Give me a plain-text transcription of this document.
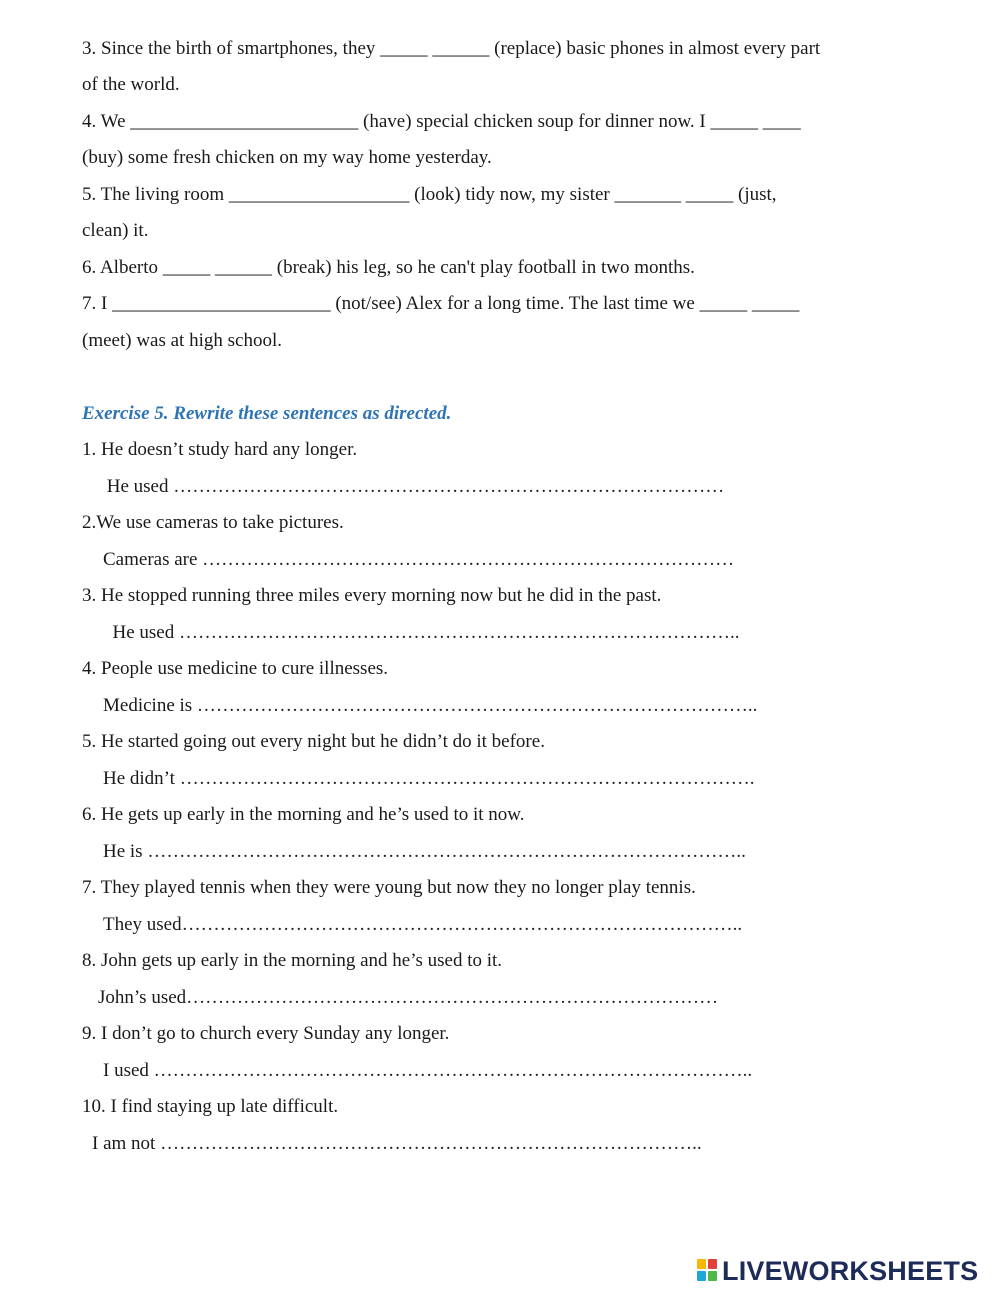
3. Since the birth of smartphones, they _____ ______ (replace) basic phones in almost every part
of the world.
4. We ________________________ (have) special chicken soup for dinner now. I _____ ____
(buy) some fresh chicken on my way home yesterday.
5. The living room ___________________ (look) tidy now, my sister _______ _____ (just,
clean) it.
6. Alberto _____ ______ (break) his leg, so he can't play football in two months.
7. I _______________________ (not/see) Alex for a long time. The last time we _____ _____
(meet) was at high school.
Exercise 5. Rewrite these sentences as directed.
1. He doesn’t study hard any longer.
He used ……………………………………………………………………………
2.We use cameras to take pictures.
Cameras are …………………………………………………………………………
3. He stopped running three miles every morning now but he did in the past.
He used ……………………………………………………………………………..
4. People use medicine to cure illnesses.
Medicine is ……………………………………………………………………………..
5. He started going out every night but he didn’t do it before.
He didn’t ……………………………………………………………………………….
6. He gets up early in the morning and he’s used to it now.
He is …………………………………………………………………………………..
7. They played tennis when they were young but now they no longer play tennis.
They used……………………………………………………………………………..
8. John gets up early in the morning and he’s used to it.
John’s used…………………………………………………………………………
9. I don’t go to church every Sunday any longer.
I used …………………………………………………………………………………..
10. I find staying up late difficult.
I am not …………………………………………………………………………..
LIVEWORKSHEETS
